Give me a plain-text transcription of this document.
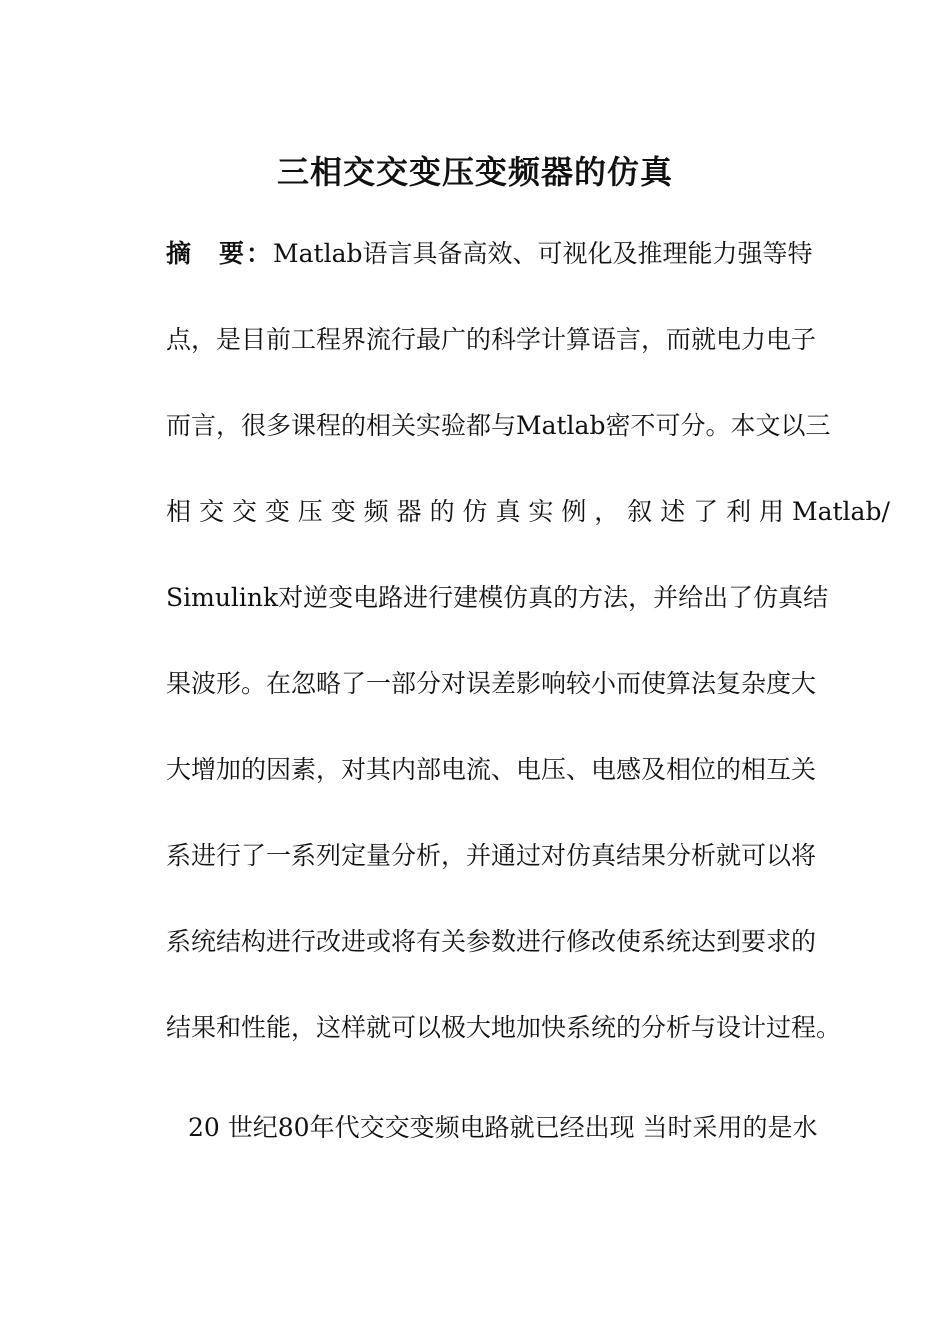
三相交交变压变频器的仿真
摘 要：Matlab语言具备高效、可视化及推理能力强等特
点，是目前工程界流行最广的科学计算语言，而就电力电子
而言，很多课程的相关实验都与Matlab密不可分。本文以三
相 交 交 变 压 变 频 器 的 仿 真 实 例 ， 叙 述 了 利 用 Matlab/
Simulink对逆变电路进行建模仿真的方法，并给出了仿真结
果波形。在忽略了一部分对误差影响较小而使算法复杂度大
大增加的因素，对其内部电流、电压、电感及相位的相互关
系进行了一系列定量分析，并通过对仿真结果分析就可以将
系统结构进行改进或将有关参数进行修改使系统达到要求的
结果和性能，这样就可以极大地加快系统的分析与设计过程。
20 世纪80年代交交变频电路就已经出现 当时采用的是水
